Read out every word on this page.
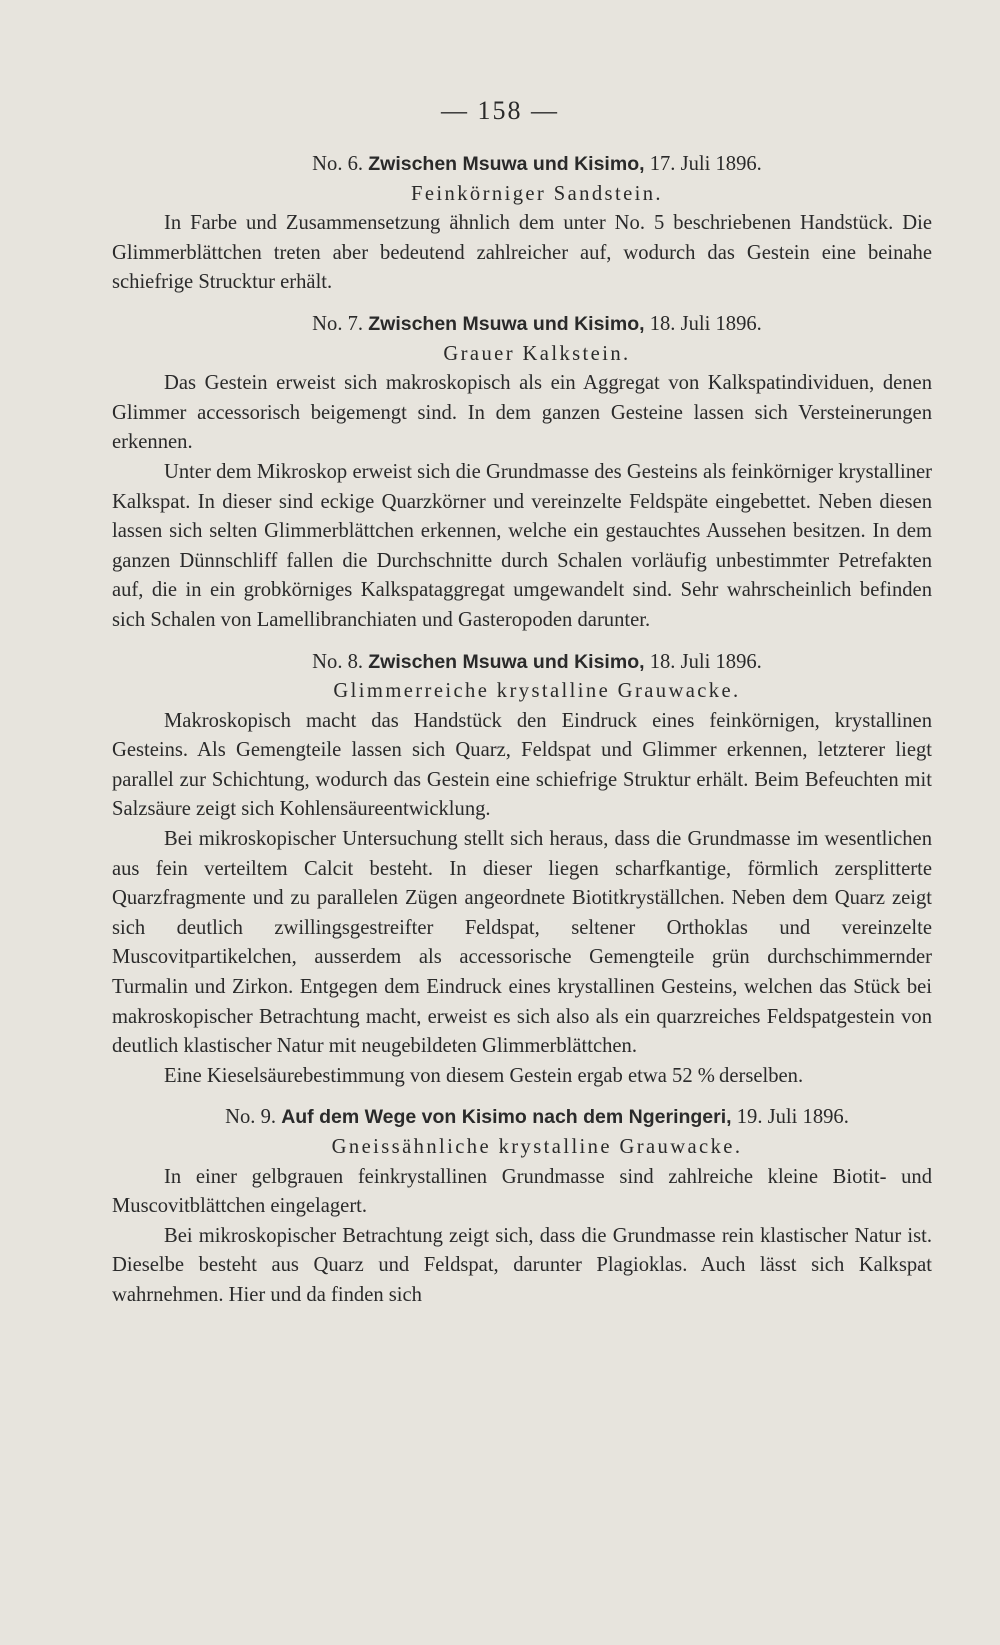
— 158 —

No. 6. Zwischen Msuwa und Kisimo, 17. Juli 1896.

Feinkörniger Sandstein.

In Farbe und Zusammensetzung ähnlich dem unter No. 5 beschriebenen Handstück. Die Glimmerblättchen treten aber bedeutend zahlreicher auf, wodurch das Gestein eine beinahe schiefrige Strucktur erhält.

No. 7. Zwischen Msuwa und Kisimo, 18. Juli 1896.

Grauer Kalkstein.

Das Gestein erweist sich makroskopisch als ein Aggregat von Kalkspatindividuen, denen Glimmer accessorisch beigemengt sind. In dem ganzen Gesteine lassen sich Versteinerungen erkennen.

Unter dem Mikroskop erweist sich die Grundmasse des Gesteins als feinkörniger krystalliner Kalkspat. In dieser sind eckige Quarzkörner und vereinzelte Feldspäte eingebettet. Neben diesen lassen sich selten Glimmerblättchen erkennen, welche ein gestauchtes Aussehen besitzen. In dem ganzen Dünnschliff fallen die Durchschnitte durch Schalen vorläufig unbestimmter Petrefakten auf, die in ein grobkörniges Kalkspataggregat umgewandelt sind. Sehr wahrscheinlich befinden sich Schalen von Lamellibranchiaten und Gasteropoden darunter.

No. 8. Zwischen Msuwa und Kisimo, 18. Juli 1896.

Glimmerreiche krystalline Grauwacke.

Makroskopisch macht das Handstück den Eindruck eines feinkörnigen, krystallinen Gesteins. Als Gemengteile lassen sich Quarz, Feldspat und Glimmer erkennen, letzterer liegt parallel zur Schichtung, wodurch das Gestein eine schiefrige Struktur erhält. Beim Befeuchten mit Salzsäure zeigt sich Kohlensäureentwicklung.

Bei mikroskopischer Untersuchung stellt sich heraus, dass die Grundmasse im wesentlichen aus fein verteiltem Calcit besteht. In dieser liegen scharfkantige, förmlich zersplitterte Quarzfragmente und zu parallelen Zügen angeordnete Biotitkryställchen. Neben dem Quarz zeigt sich deutlich zwillingsgestreifter Feldspat, seltener Orthoklas und vereinzelte Muscovitpartikelchen, ausserdem als accessorische Gemengteile grün durchschimmernder Turmalin und Zirkon. Entgegen dem Eindruck eines krystallinen Gesteins, welchen das Stück bei makroskopischer Betrachtung macht, erweist es sich also als ein quarzreiches Feldspatgestein von deutlich klastischer Natur mit neugebildeten Glimmerblättchen.

Eine Kieselsäurebestimmung von diesem Gestein ergab etwa 52 % derselben.

No. 9. Auf dem Wege von Kisimo nach dem Ngeringeri, 19. Juli 1896.

Gneissähnliche krystalline Grauwacke.

In einer gelbgrauen feinkrystallinen Grundmasse sind zahlreiche kleine Biotit- und Muscovitblättchen eingelagert.

Bei mikroskopischer Betrachtung zeigt sich, dass die Grundmasse rein klastischer Natur ist. Dieselbe besteht aus Quarz und Feldspat, darunter Plagioklas. Auch lässt sich Kalkspat wahrnehmen. Hier und da finden sich
